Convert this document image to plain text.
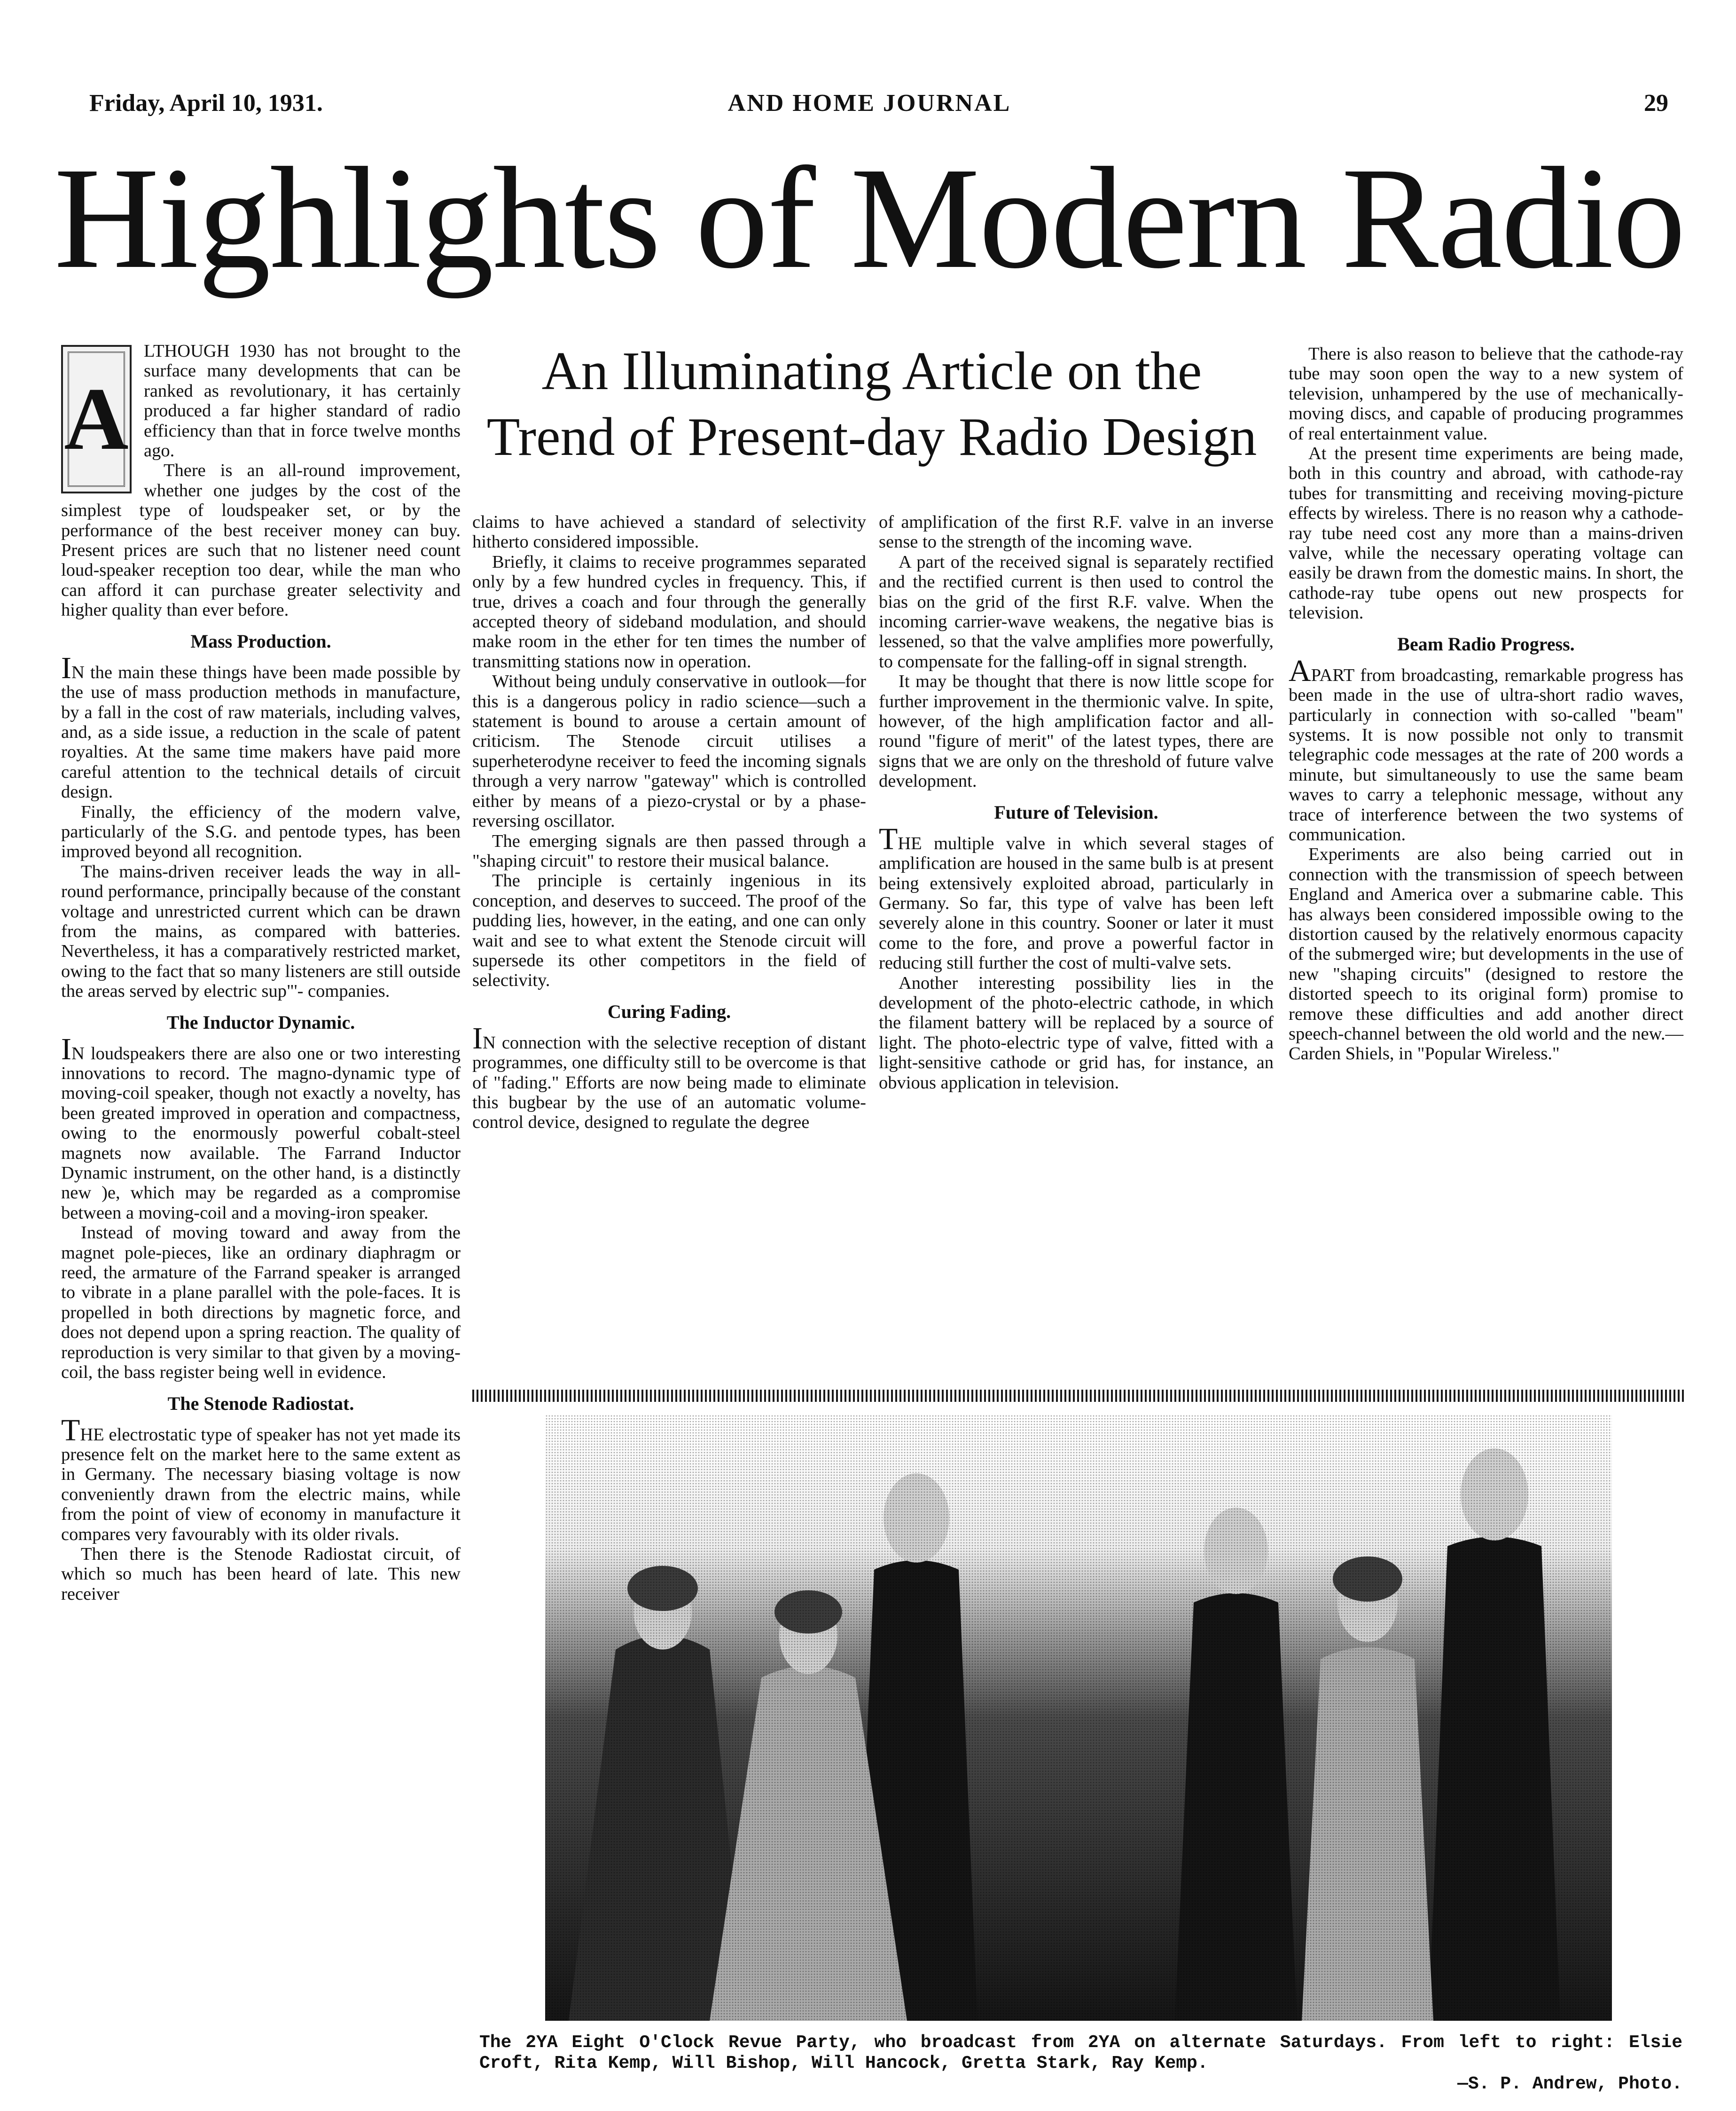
Friday, April 10, 1931.	AND HOME JOURNAL	29
Highlights of Modern Radio
An Illuminating Article on the
Trend of Present-day Radio Design
A

LTHOUGH 1930 has not brought to the surface many developments that can be ranked as revolutionary, it has certainly produced a far higher standard of radio efficiency than that in force twelve months ago.

There is an all-round improvement, whether one judges by the cost of the simplest type of loudspeaker set, or by the performance of the best receiver money can buy. Present prices are such that no listener need count loud-speaker reception too dear, while the man who can afford it can purchase greater selectivity and higher quality than ever before.

Mass Production.

IN the main these things have been made possible by the use of mass production methods in manufacture, by a fall in the cost of raw materials, including valves, and, as a side issue, a reduction in the scale of patent royalties. At the same time makers have paid more careful attention to the technical details of circuit design.

Finally, the efficiency of the modern valve, particularly of the S.G. and pentode types, has been improved beyond all recognition.

The mains-driven receiver leads the way in all-round performance, principally because of the constant voltage and unrestricted current which can be drawn from the mains, as compared with batteries. Nevertheless, it has a comparatively restricted market, owing to the fact that so many listeners are still outside the areas served by electric sup"'- companies.

The Inductor Dynamic.

IN loudspeakers there are also one or two interesting innovations to record. The magno-dynamic type of moving-coil speaker, though not exactly a novelty, has been greated improved in operation and compactness, owing to the enormously powerful cobalt-steel magnets now available. The Farrand Inductor Dynamic instrument, on the other hand, is a distinctly new )e, which may be regarded as a compromise between a moving-coil and a moving-iron speaker.

Instead of moving toward and away from the magnet pole-pieces, like an ordinary diaphragm or reed, the armature of the Farrand speaker is arranged to vibrate in a plane parallel with the pole-faces. It is propelled in both directions by magnetic force, and does not depend upon a spring reaction. The quality of reproduction is very similar to that given by a moving-coil, the bass register being well in evidence.

The Stenode Radiostat.

THE electrostatic type of speaker has not yet made its presence felt on the market here to the same extent as in Germany. The necessary biasing voltage is now conveniently drawn from the electric mains, while from the point of view of economy in manufacture it compares very favourably with its older rivals.

Then there is the Stenode Radiostat circuit, of which so much has been heard of late. This new receiver

claims to have achieved a standard of selectivity hitherto considered impossible.

Briefly, it claims to receive programmes separated only by a few hundred cycles in frequency. This, if true, drives a coach and four through the generally accepted theory of sideband modulation, and should make room in the ether for ten times the number of transmitting stations now in operation.

Without being unduly conservative in outlook—for this is a dangerous policy in radio science—such a statement is bound to arouse a certain amount of criticism. The Stenode circuit utilises a superheterodyne receiver to feed the incoming signals through a very narrow "gateway" which is controlled either by means of a piezo-crystal or by a phase-reversing oscillator.

The emerging signals are then passed through a "shaping circuit" to restore their musical balance.

The principle is certainly ingenious in its conception, and deserves to succeed. The proof of the pudding lies, however, in the eating, and one can only wait and see to what extent the Stenode circuit will supersede its other competitors in the field of selectivity.

Curing Fading.

IN connection with the selective reception of distant programmes, one difficulty still to be overcome is that of "fading." Efforts are now being made to eliminate this bugbear by the use of an automatic volume-control device, designed to regulate the degree

of amplification of the first R.F. valve in an inverse sense to the strength of the incoming wave.

A part of the received signal is separately rectified and the rectified current is then used to control the bias on the grid of the first R.F. valve. When the incoming carrier-wave weakens, the negative bias is lessened, so that the valve amplifies more powerfully, to compensate for the falling-off in signal strength.

It may be thought that there is now little scope for further improvement in the thermionic valve. In spite, however, of the high amplification factor and all-round "figure of merit" of the latest types, there are signs that we are only on the threshold of future valve development.

Future of Television.

THE multiple valve in which several stages of amplification are housed in the same bulb is at present being extensively exploited abroad, particularly in Germany. So far, this type of valve has been left severely alone in this country. Sooner or later it must come to the fore, and prove a powerful factor in reducing still further the cost of multi-valve sets.

Another interesting possibility lies in the development of the photo-electric cathode, in which the filament battery will be replaced by a source of light. The photo-electric type of valve, fitted with a light-sensitive cathode or grid has, for instance, an obvious application in television.

There is also reason to believe that the cathode-ray tube may soon open the way to a new system of television, unhampered by the use of mechanically-moving discs, and capable of producing programmes of real entertainment value.

At the present time experiments are being made, both in this country and abroad, with cathode-ray tubes for transmitting and receiving moving-picture effects by wireless. There is no reason why a cathode-ray tube need cost any more than a mains-driven valve, while the necessary operating voltage can easily be drawn from the domestic mains. In short, the cathode-ray tube opens out new prospects for television.

Beam Radio Progress.

APART from broadcasting, remarkable progress has been made in the use of ultra-short radio waves, particularly in connection with so-called "beam" systems. It is now possible not only to transmit telegraphic code messages at the rate of 200 words a minute, but simultaneously to use the same beam waves to carry a telephonic message, without any trace of interference between the two systems of communication.

Experiments are also being carried out in connection with the transmission of speech between England and America over a submarine cable. This has always been considered impossible owing to the distortion caused by the relatively enormous capacity of the submerged wire; but developments in the use of new "shaping circuits" (designed to restore the distorted speech to its original form) promise to remove these difficulties and add another direct speech-channel between the old world and the new.—Carden Shiels, in "Popular Wireless."

The 2YA Eight O'Clock Revue Party, who broadcast from 2YA on alternate Saturdays. From left to right: Elsie Croft, Rita Kemp, Will Bishop, Will Hancock, Gretta Stark, Ray Kemp.
—S. P. Andrew, Photo.
